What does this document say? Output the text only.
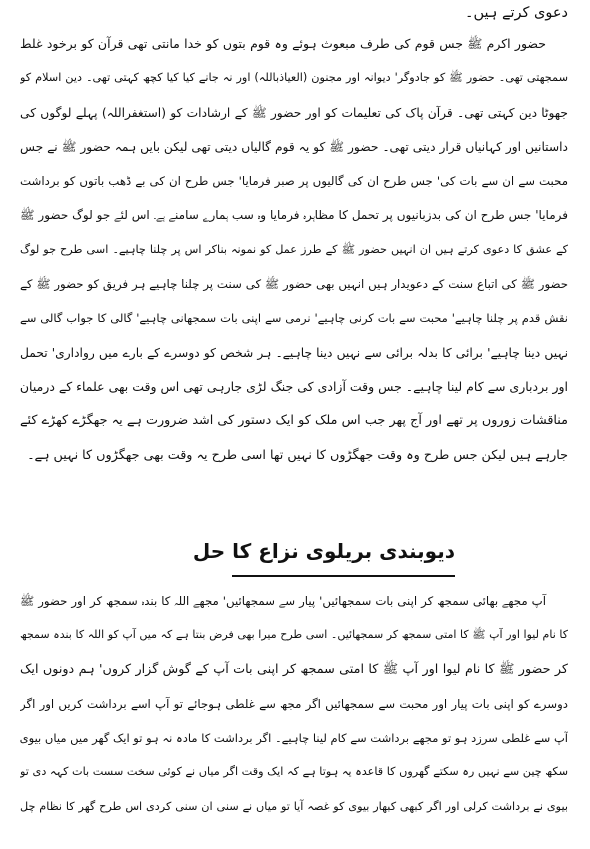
دعوی کرتے ہیں۔
حضور اکرم ﷺ جس قوم کی طرف مبعوث ہوئے وہ قوم بتوں کو خدا مانتی تھی قرآن کو برخود غلط
سمجھتی تھی۔ حضور ﷺ کو جادوگر' دیوانہ اور مجنون (العیاذباللہ) اور نہ جانے کیا کیا کچھ کہتی تھی۔ دین اسلام کو
جھوٹا دین کہتی تھی۔ قرآن پاک کی تعلیمات کو اور حضور ﷺ کے ارشادات کو (استغفراللہ) پہلے لوگوں کی
داستانیں اور کہانیاں قرار دیتی تھی۔ حضور ﷺ کو یہ قوم گالیاں دیتی تھی لیکن بایں ہمہ حضور ﷺ نے جس
محبت سے ان سے بات کی' جس طرح ان کی گالیوں پر صبر فرمایا' جس طرح ان کی بے ڈھب باتوں کو برداشت
فرمایا' جس طرح ان کی بدزبانیوں پر تحمل کا مظاہرہ فرمایا وہ سب ہمارے سامنے ہے۔ اس لئے جو لوگ حضور ﷺ
کے عشق کا دعوی کرتے ہیں ان انہیں حضور ﷺ کے طرز عمل کو نمونہ بناکر اس پر چلنا چاہیے۔ اسی طرح جو لوگ
حضور ﷺ کی اتباع سنت کے دعویدار ہیں انہیں بھی حضور ﷺ کی سنت پر چلنا چاہیے ہر فریق کو حضور ﷺ کے
نقش قدم پر چلنا چاہیے' محبت سے بات کرنی چاہیے' نرمی سے اپنی بات سمجھانی چاہیے' گالی کا جواب گالی سے
نہیں دینا چاہیے' برائی کا بدلہ برائی سے نہیں دینا چاہیے۔ ہر شخص کو دوسرے کے بارے میں رواداری' تحمل
اور بردباری سے کام لینا چاہیے۔ جس وقت آزادی کی جنگ لڑی جارہی تھی اس وقت بھی علماء کے درمیان
مناقشات زوروں پر تھے اور آج پھر جب اس ملک کو ایک دستور کی اشد ضرورت ہے یہ جھگڑے کھڑے کئے
جارہے ہیں لیکن جس طرح وہ وقت جھگڑوں کا نہیں تھا اسی طرح یہ وقت بھی جھگڑوں کا نہیں ہے۔
دیوبندی بریلوی نزاع کا حل
آپ مجھے بھائی سمجھ کر اپنی بات سمجھائیں' پیار سے سمجھائیں' مجھے اللہ کا بندہ سمجھ کر اور حضور ﷺ
کا نام لیوا اور آپ ﷺ کا امتی سمجھ کر سمجھائیں۔ اسی طرح میرا بھی فرض بنتا ہے کہ میں آپ کو اللہ کا بندہ سمجھ
کر حضور ﷺ کا نام لیوا اور آپ ﷺ کا امتی سمجھ کر اپنی بات آپ کے گوش گزار کروں' ہم دونوں ایک
دوسرے کو اپنی بات پیار اور محبت سے سمجھائیں اگر مجھ سے غلطی ہوجائے تو آپ اسے برداشت کریں اور اگر
آپ سے غلطی سرزد ہو تو مجھے برداشت سے کام لینا چاہیے۔ اگر برداشت کا مادہ نہ ہو تو ایک گھر میں میاں بیوی
سکھ چین سے نہیں رہ سکتے گھروں کا قاعدہ یہ ہوتا ہے کہ ایک وقت اگر میاں نے کوئی سخت سست بات کہہ دی تو
بیوی نے برداشت کرلی اور اگر کبھی کبھار بیوی کو غصہ آیا تو میاں نے سنی ان سنی کردی اس طرح گھر کا نظام چل
